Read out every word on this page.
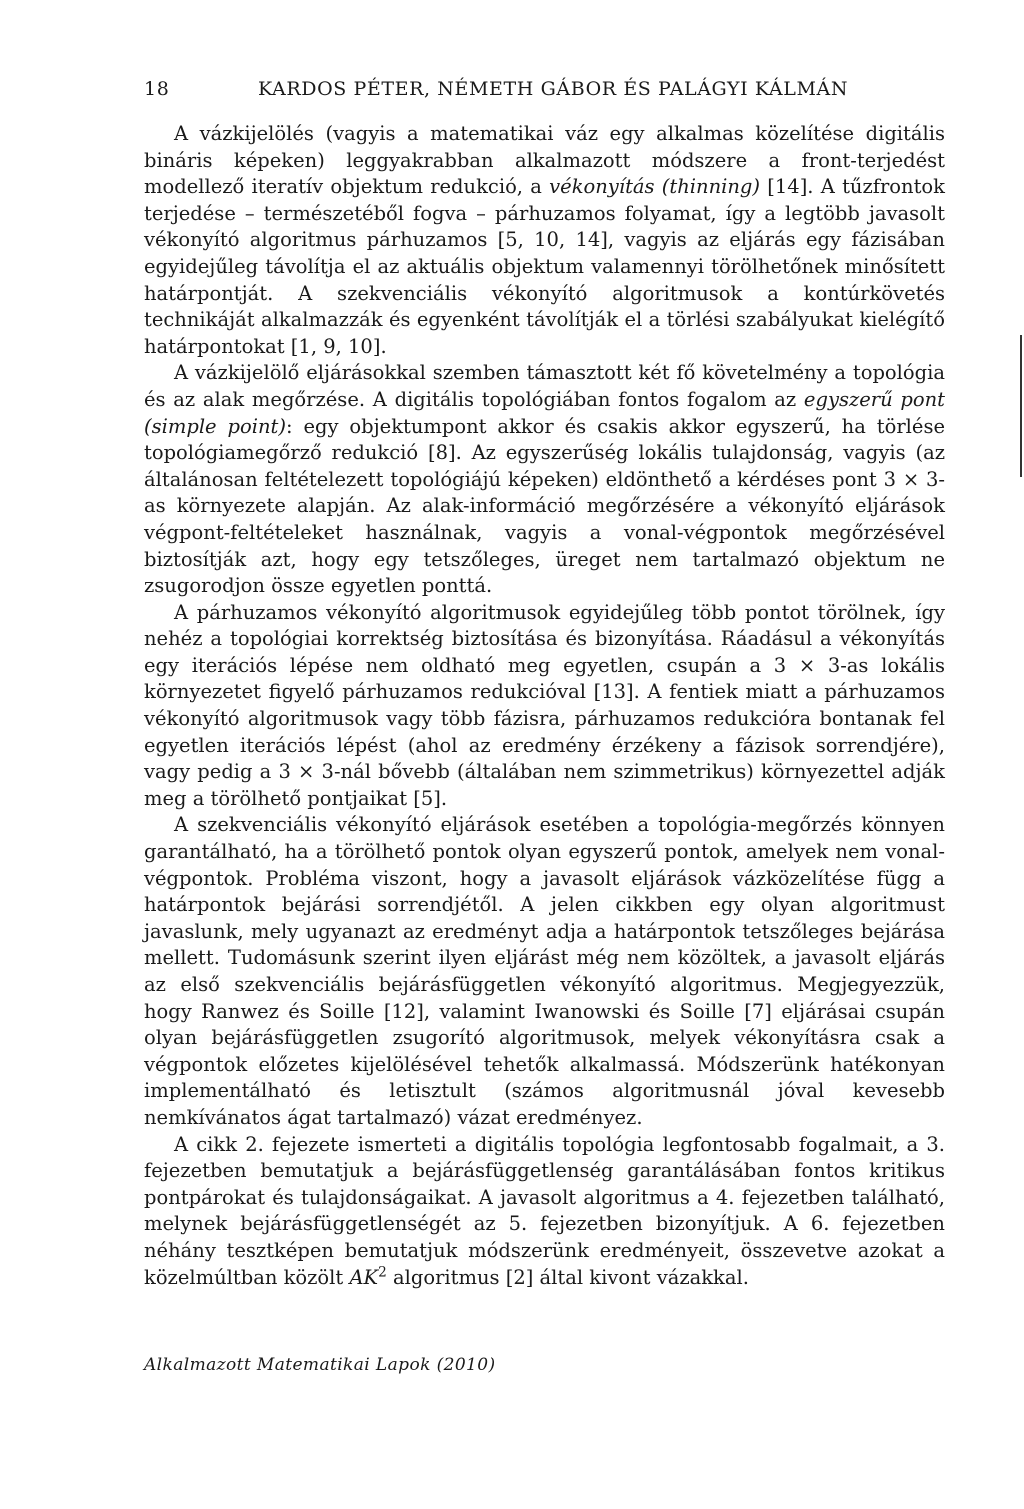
18	KARDOS PÉTER, NÉMETH GÁBOR ÉS PALÁGYI KÁLMÁN

A vázkijelölés (vagyis a matematikai váz egy alkalmas közelítése digitális bináris képeken) leggyakrabban alkalmazott módszere a front-terjedést modellező iteratív objektum redukció, a vékonyítás (thinning) [14]. A tűzfrontok terjedése – természetéből fogva – párhuzamos folyamat, így a legtöbb javasolt vékonyító algoritmus párhuzamos [5, 10, 14], vagyis az eljárás egy fázisában egyidejűleg távolítja el az aktuális objektum valamennyi törölhetőnek minősített határpontját. A szekvenciális vékonyító algoritmusok a kontúrkövetés technikáját alkalmazzák és egyenként távolítják el a törlési szabályukat kielégítő határpontokat [1, 9, 10].

A vázkijelölő eljárásokkal szemben támasztott két fő követelmény a topológia és az alak megőrzése. A digitális topológiában fontos fogalom az egyszerű pont (simple point): egy objektumpont akkor és csakis akkor egyszerű, ha törlése topológiamegőrző redukció [8]. Az egyszerűség lokális tulajdonság, vagyis (az általánosan feltételezett topológiájú képeken) eldönthető a kérdéses pont 3 × 3-as környezete alapján. Az alak-információ megőrzésére a vékonyító eljárások végpont-feltételeket használnak, vagyis a vonal-végpontok megőrzésével biztosítják azt, hogy egy tetszőleges, üreget nem tartalmazó objektum ne zsugorodjon össze egyetlen ponttá.

A párhuzamos vékonyító algoritmusok egyidejűleg több pontot törölnek, így nehéz a topológiai korrektség biztosítása és bizonyítása. Ráadásul a vékonyítás egy iterációs lépése nem oldható meg egyetlen, csupán a 3 × 3-as lokális környezetet figyelő párhuzamos redukcióval [13]. A fentiek miatt a párhuzamos vékonyító algoritmusok vagy több fázisra, párhuzamos redukcióra bontanak fel egyetlen iterációs lépést (ahol az eredmény érzékeny a fázisok sorrendjére), vagy pedig a 3 × 3-nál bővebb (általában nem szimmetrikus) környezettel adják meg a törölhető pontjaikat [5].

A szekvenciális vékonyító eljárások esetében a topológia-megőrzés könnyen garantálható, ha a törölhető pontok olyan egyszerű pontok, amelyek nem vonalvégpontok. Probléma viszont, hogy a javasolt eljárások vázközelítése függ a határpontok bejárási sorrendjétől. A jelen cikkben egy olyan algoritmust javaslunk, mely ugyanazt az eredményt adja a határpontok tetszőleges bejárása mellett. Tudomásunk szerint ilyen eljárást még nem közöltek, a javasolt eljárás az első szekvenciális bejárásfüggetlen vékonyító algoritmus. Megjegyezzük, hogy Ranwez és Soille [12], valamint Iwanowski és Soille [7] eljárásai csupán olyan bejárásfüggetlen zsugorító algoritmusok, melyek vékonyításra csak a végpontok előzetes kijelölésével tehetők alkalmassá. Módszerünk hatékonyan implementálható és letisztult (számos algoritmusnál jóval kevesebb nemkívánatos ágat tartalmazó) vázat eredményez.

A cikk 2. fejezete ismerteti a digitális topológia legfontosabb fogalmait, a 3. fejezetben bemutatjuk a bejárásfüggetlenség garantálásában fontos kritikus pontpárokat és tulajdonságaikat. A javasolt algoritmus a 4. fejezetben található, melynek bejárásfüggetlenségét az 5. fejezetben bizonyítjuk. A 6. fejezetben néhány tesztképen bemutatjuk módszerünk eredményeit, összevetve azokat a közelmúltban közölt $AK^2$ algoritmus [2] által kivont vázakkal.

Alkalmazott Matematikai Lapok (2010)
